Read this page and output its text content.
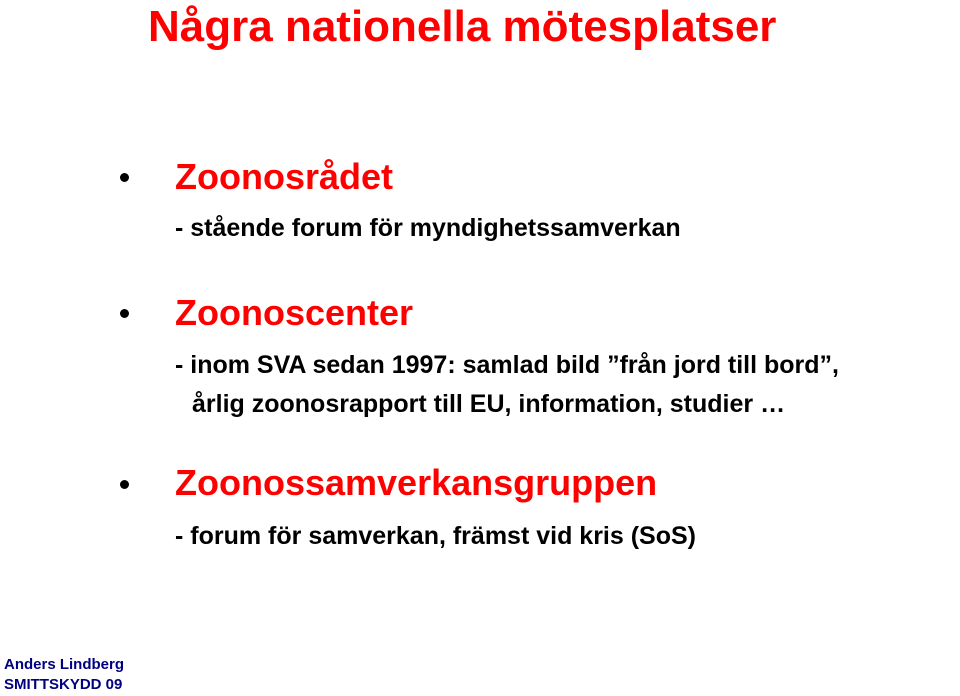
Några nationella mötesplatser
Zoonosrådet

- stående forum för myndighetssamverkan

Zoonoscenter

- inom SVA sedan 1997: samlad bild ”från jord till bord”,

årlig zoonosrapport till EU, information, studier …

Zoonossamverkansgruppen

- forum för samverkan, främst vid kris (SoS)

Anders Lindberg
SMITTSKYDD 09
